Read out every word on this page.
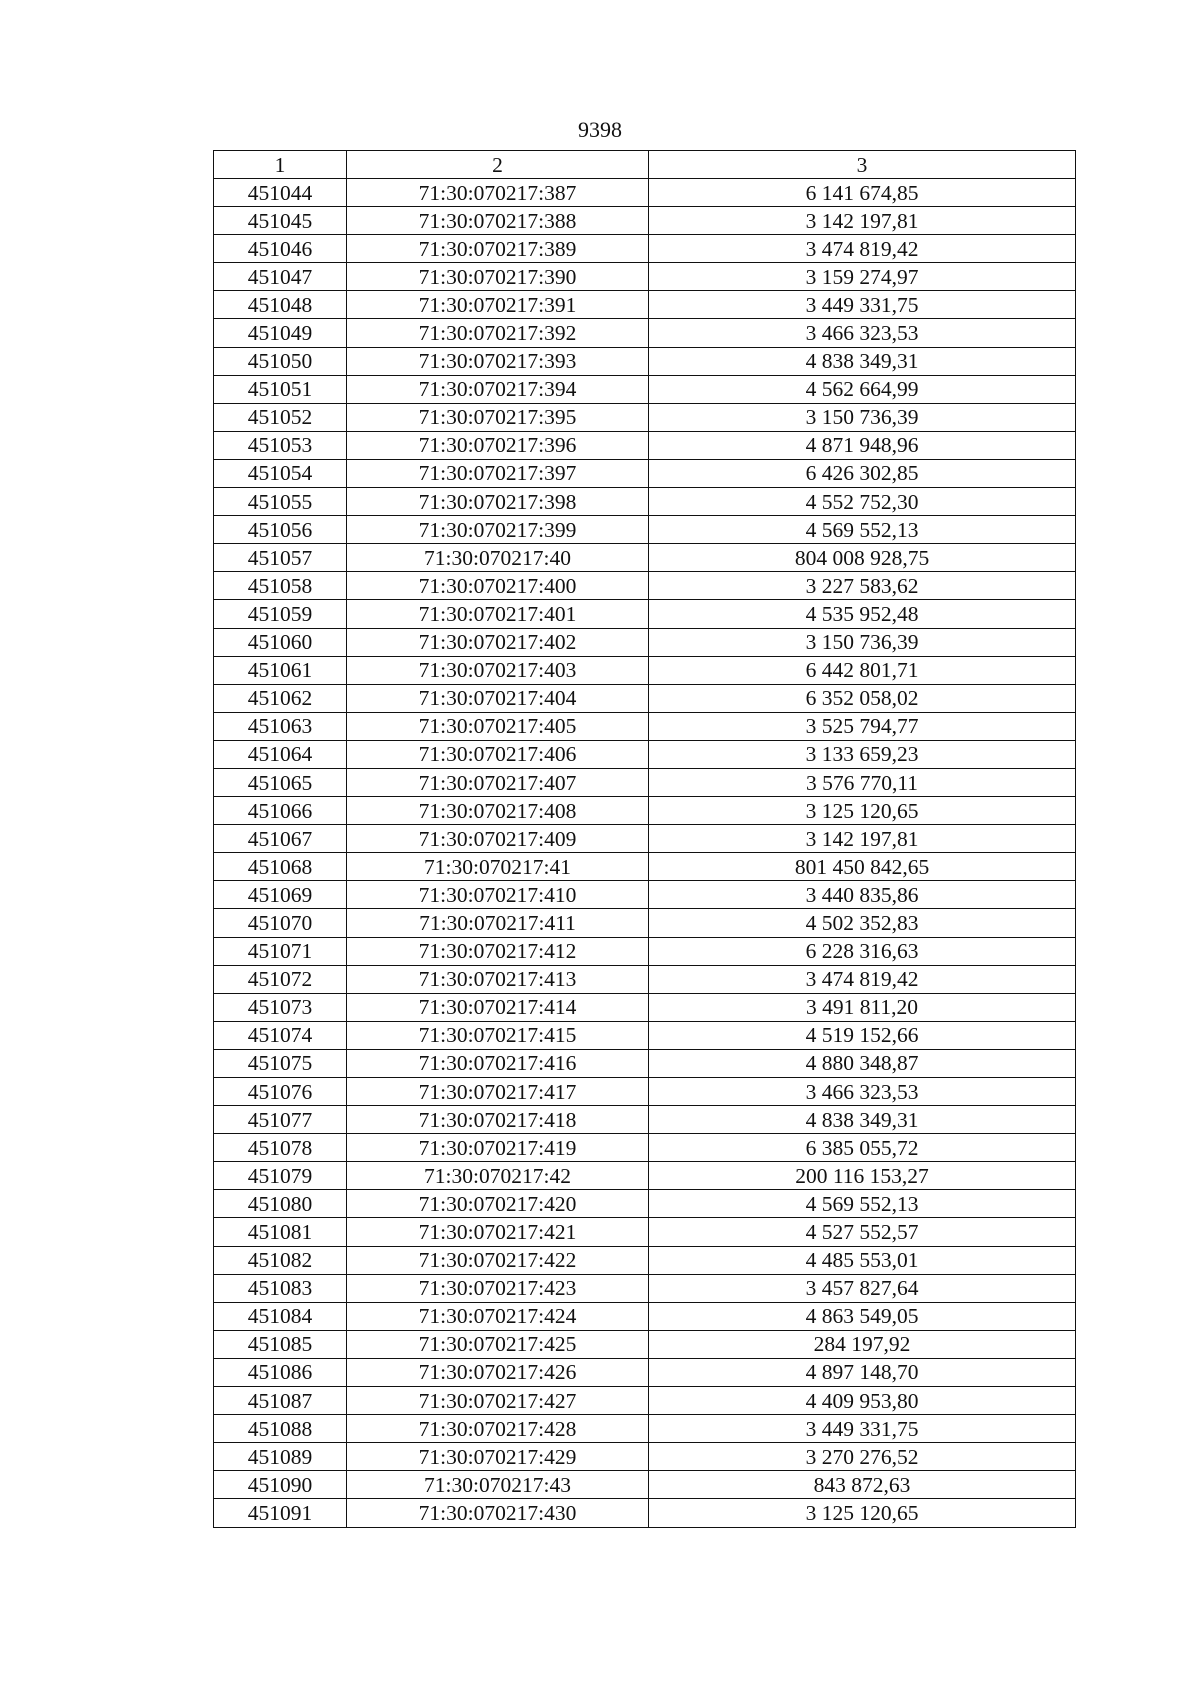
9398
1	2	3
451044	71:30:070217:387	6 141 674,85
451045	71:30:070217:388	3 142 197,81
451046	71:30:070217:389	3 474 819,42
451047	71:30:070217:390	3 159 274,97
451048	71:30:070217:391	3 449 331,75
451049	71:30:070217:392	3 466 323,53
451050	71:30:070217:393	4 838 349,31
451051	71:30:070217:394	4 562 664,99
451052	71:30:070217:395	3 150 736,39
451053	71:30:070217:396	4 871 948,96
451054	71:30:070217:397	6 426 302,85
451055	71:30:070217:398	4 552 752,30
451056	71:30:070217:399	4 569 552,13
451057	71:30:070217:40	804 008 928,75
451058	71:30:070217:400	3 227 583,62
451059	71:30:070217:401	4 535 952,48
451060	71:30:070217:402	3 150 736,39
451061	71:30:070217:403	6 442 801,71
451062	71:30:070217:404	6 352 058,02
451063	71:30:070217:405	3 525 794,77
451064	71:30:070217:406	3 133 659,23
451065	71:30:070217:407	3 576 770,11
451066	71:30:070217:408	3 125 120,65
451067	71:30:070217:409	3 142 197,81
451068	71:30:070217:41	801 450 842,65
451069	71:30:070217:410	3 440 835,86
451070	71:30:070217:411	4 502 352,83
451071	71:30:070217:412	6 228 316,63
451072	71:30:070217:413	3 474 819,42
451073	71:30:070217:414	3 491 811,20
451074	71:30:070217:415	4 519 152,66
451075	71:30:070217:416	4 880 348,87
451076	71:30:070217:417	3 466 323,53
451077	71:30:070217:418	4 838 349,31
451078	71:30:070217:419	6 385 055,72
451079	71:30:070217:42	200 116 153,27
451080	71:30:070217:420	4 569 552,13
451081	71:30:070217:421	4 527 552,57
451082	71:30:070217:422	4 485 553,01
451083	71:30:070217:423	3 457 827,64
451084	71:30:070217:424	4 863 549,05
451085	71:30:070217:425	284 197,92
451086	71:30:070217:426	4 897 148,70
451087	71:30:070217:427	4 409 953,80
451088	71:30:070217:428	3 449 331,75
451089	71:30:070217:429	3 270 276,52
451090	71:30:070217:43	843 872,63
451091	71:30:070217:430	3 125 120,65
